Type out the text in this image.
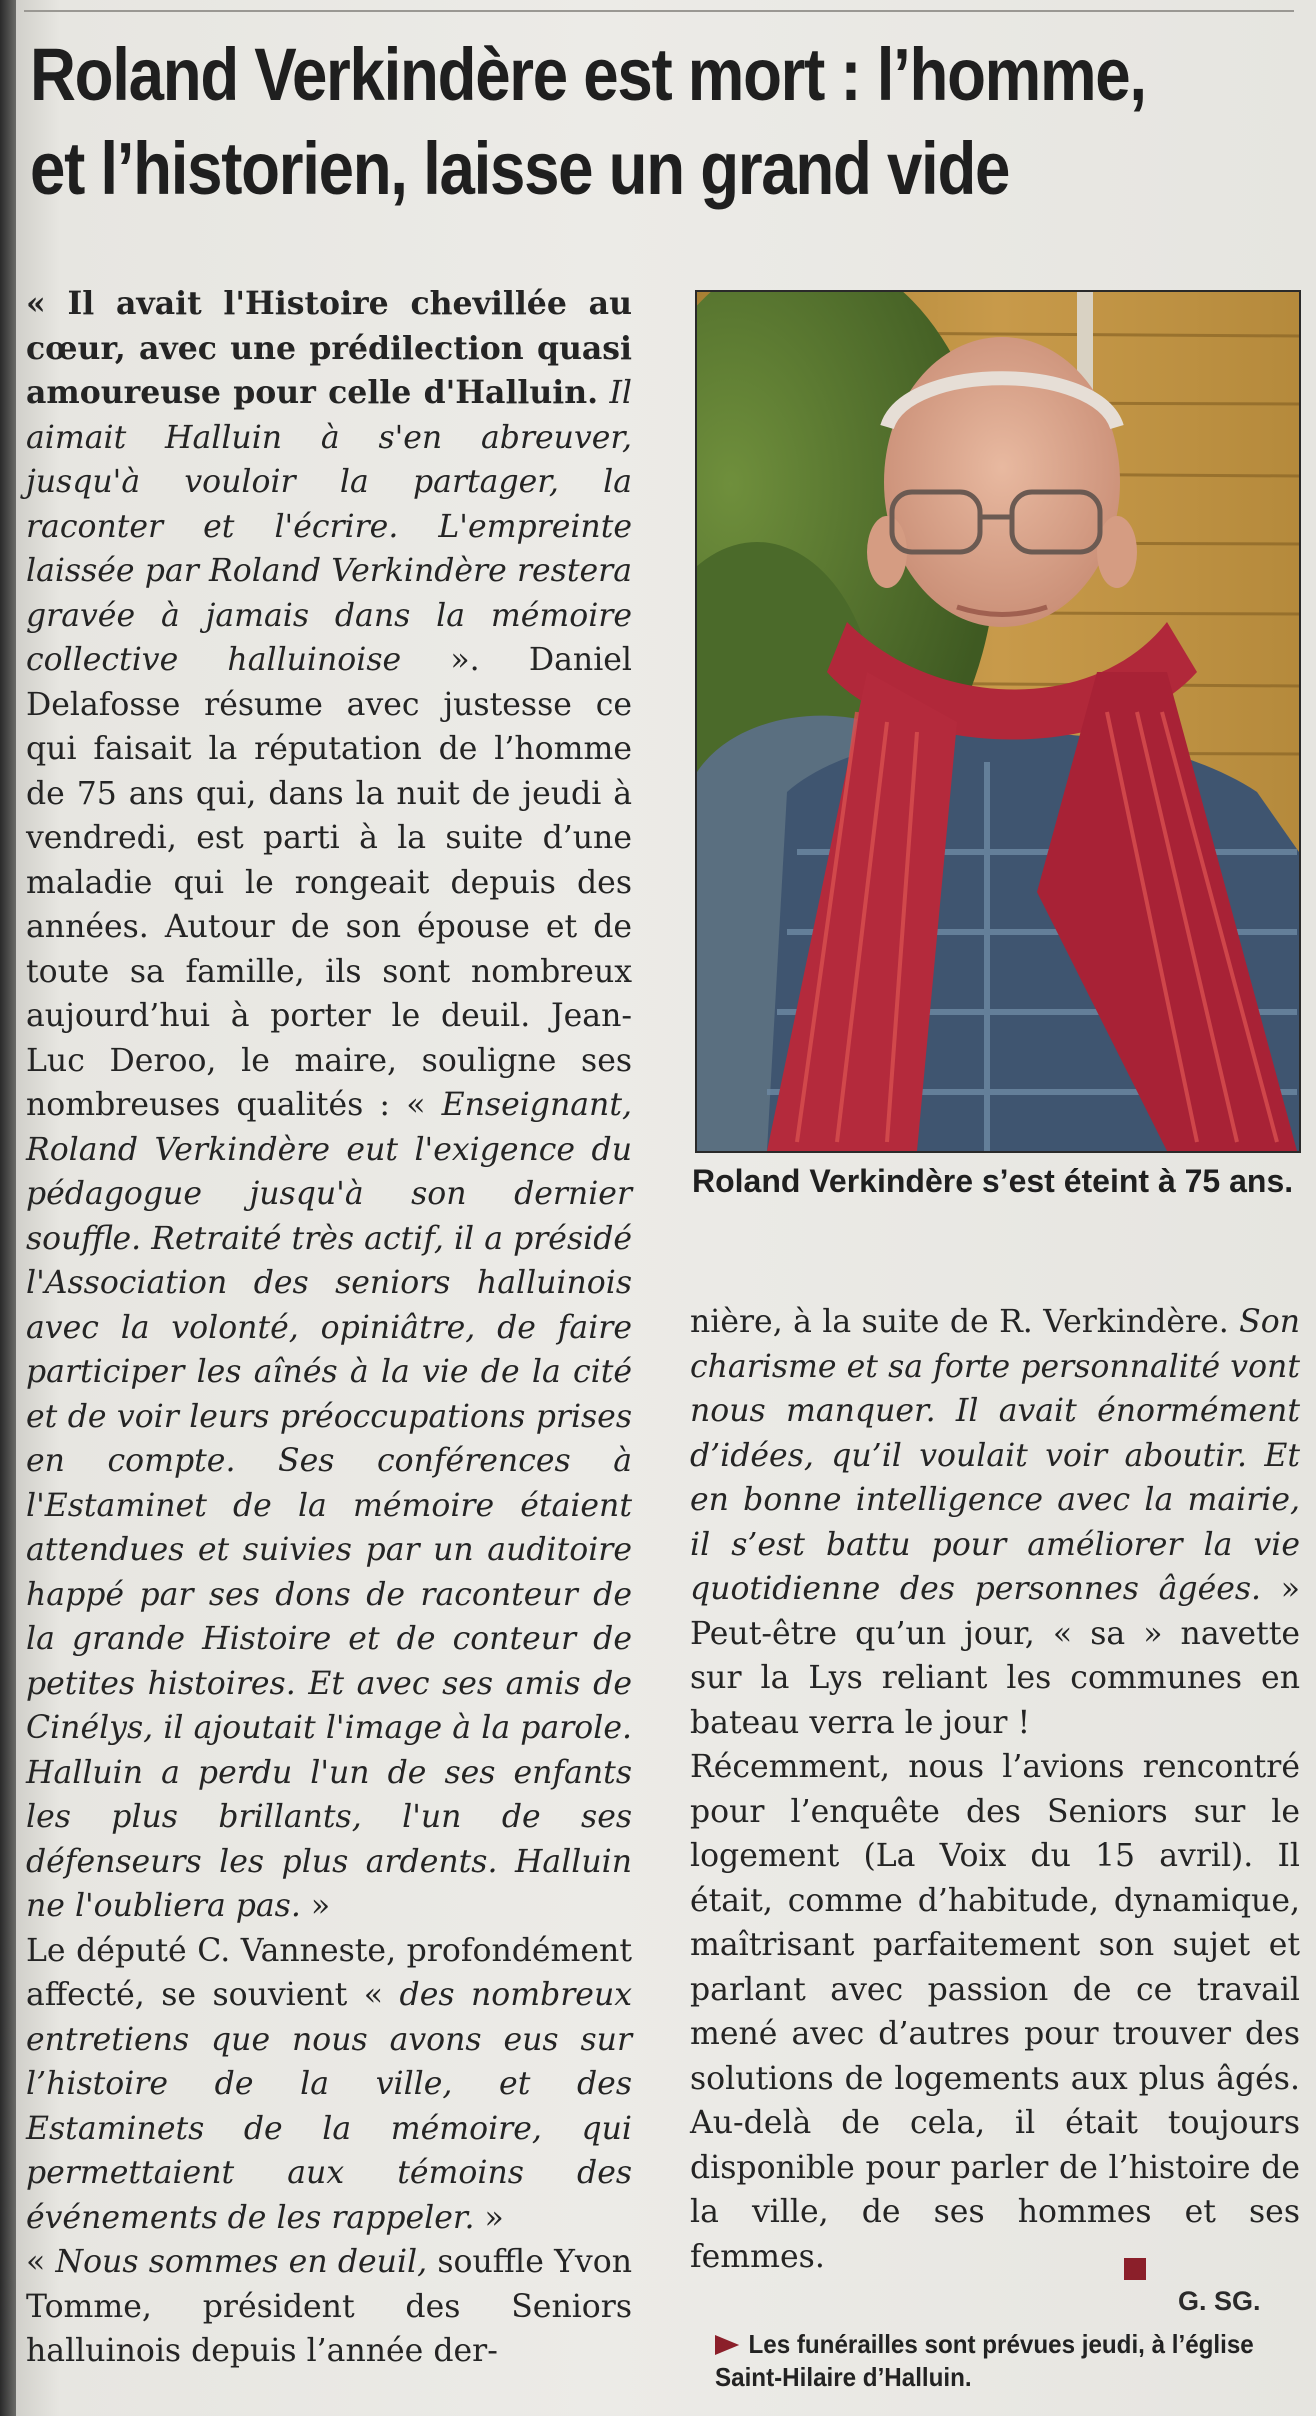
Roland Verkindère est mort : l’homme,
et l’historien, laisse un grand vide

« Il avait l'Histoire chevillée au cœur, avec une prédilection quasi amoureuse pour celle d'Halluin. Il aimait Halluin à s'en abreuver, jusqu'à vouloir la partager, la raconter et l'écrire. L'empreinte laissée par Roland Verkindère restera gravée à jamais dans la mémoire collective halluinoise ». Daniel Delafosse résume avec justesse ce qui faisait la réputation de l’homme de 75 ans qui, dans la nuit de jeudi à vendredi, est parti à la suite d’une maladie qui le rongeait depuis des années. Autour de son épouse et de toute sa famille, ils sont nombreux aujourd’hui à porter le deuil. Jean-Luc Deroo, le maire, souligne ses nombreuses qualités : « Enseignant, Roland Verkindère eut l'exigence du pédagogue jusqu'à son dernier souffle. Retraité très actif, il a présidé l'Association des seniors halluinois avec la volonté, opiniâtre, de faire participer les aînés à la vie de la cité et de voir leurs préoccupations prises en compte. Ses conférences à l'Estaminet de la mémoire étaient attendues et suivies par un auditoire happé par ses dons de raconteur de la grande Histoire et de conteur de petites histoires. Et avec ses amis de Cinélys, il ajoutait l'image à la parole. Halluin a perdu l'un de ses enfants les plus brillants, l'un de ses défenseurs les plus ardents. Halluin ne l'oubliera pas. »

Le député C. Vanneste, profondément affecté, se souvient « des nombreux entretiens que nous avons eus sur l’histoire de la ville, et des Estaminets de la mémoire, qui permettaient aux témoins des événements de les rappeler. »

« Nous sommes en deuil, souffle Yvon Tomme, président des Seniors halluinois depuis l’année der-

Roland Verkindère s’est éteint à 75 ans.

nière, à la suite de R. Verkindère. Son charisme et sa forte personnalité vont nous manquer. Il avait énormément d’idées, qu’il voulait voir aboutir. Et en bonne intelligence avec la mairie, il s’est battu pour améliorer la vie quotidienne des personnes âgées. » Peut-être qu’un jour, « sa » navette sur la Lys reliant les communes en bateau verra le jour !

Récemment, nous l’avions rencontré pour l’enquête des Seniors sur le logement (La Voix du 15 avril). Il était, comme d’habitude, dynamique, maîtrisant parfaitement son sujet et parlant avec passion de ce travail mené avec d’autres pour trouver des solutions de logements aux plus âgés. Au-delà de cela, il était toujours disponible pour parler de l’histoire de la ville, de ses hommes et ses femmes.

G. SG.
Les funérailles sont prévues jeudi, à l’église Saint-Hilaire d’Halluin.
